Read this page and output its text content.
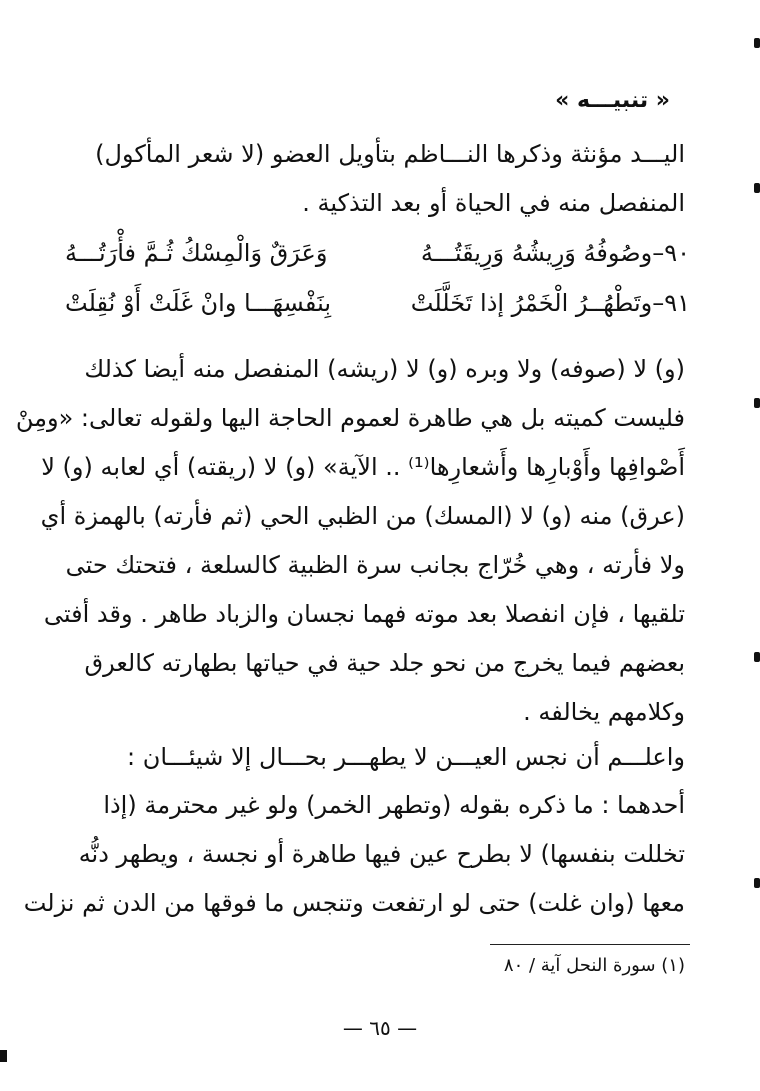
« تنبيـــه »
اليـــد مؤنثة وذكرها النـــاظم بتأويل العضو (لا شعر المأكول)
المنفصل منه في الحياة أو بعد التذكية .
٩٠–وصُوفُهُ وَرِيشُهُ وَرِيقَتُـــهُ
وَعَرَقٌ وَالْمِسْكُ ثُـمَّ فأْرَتُـــهُ
٩١–وتَطْهُــرُ الْخَمْرُ إذا تَخَلَّلَتْ
بِنَفْسِهَـــا وانْ غَلَتْ أَوْ نُقِلَتْ
(و) لا (صوفه) ولا وبره (و) لا (ريشه) المنفصل منه أيضا كذلك
فليست كميته بل هي طاهرة لعموم الحاجة اليها ولقوله تعالى: «ومِنْ
أَصْوافِها وأَوْبارِها وأَشعارِها⁽¹⁾ .. الآية» (و) لا (ريقته) أي لعابه (و) لا
(عرق) منه (و) لا (المسك) من الظبي الحي (ثم فأرته) بالهمزة أي
ولا فأرته ، وهي خُرّاج بجانب سرة الظبية كالسلعة ، فتحتك حتى
تلقيها ، فإن انفصلا بعد موته فهما نجسان والزباد طاهر . وقد أفتى
بعضهم فيما يخرج من نحو جلد حية في حياتها بطهارته كالعرق
وكلامهم يخالفه .
واعلـــم أن نجس العيـــن لا يطهـــر بحـــال إلا شيئـــان :
أحدهما : ما ذكره بقوله (وتطهر الخمر) ولو غير محترمة (إذا
تخللت بنفسها) لا بطرح عين فيها طاهرة أو نجسة ، ويطهر دنُّه
معها (وان غلت) حتى لو ارتفعت وتنجس ما فوقها من الدن ثم نزلت
(١) سورة النحل آية / ٨٠
— ٦٥ —
